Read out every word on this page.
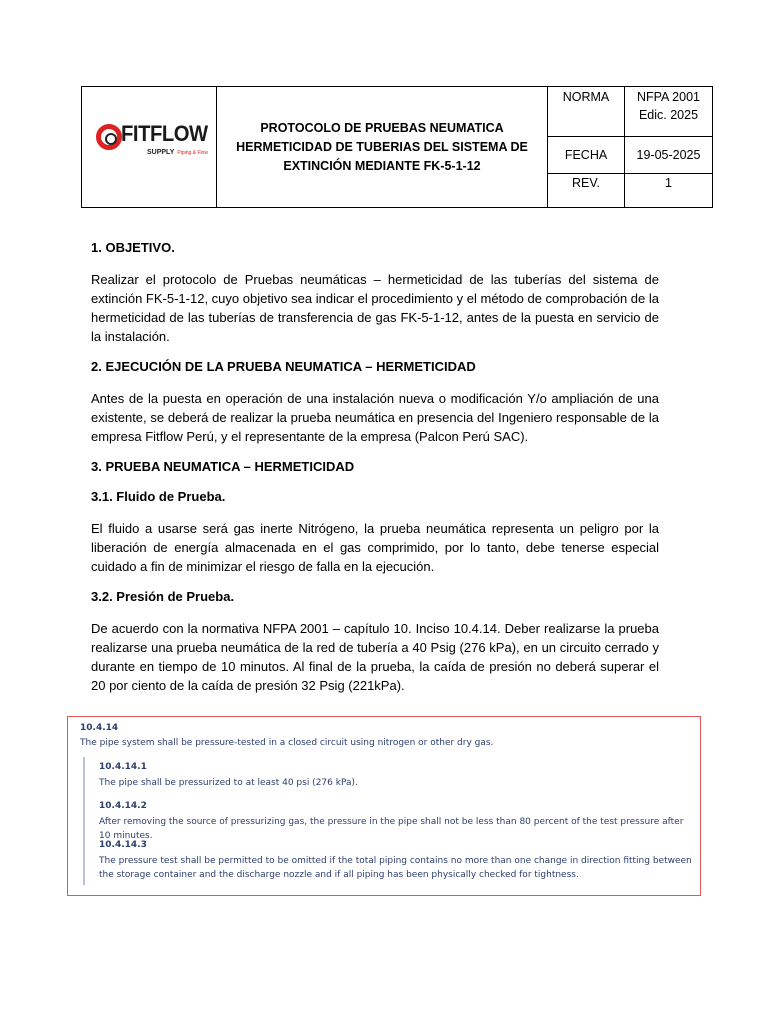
FITFLOW
SUPPLY Piping & Flow
PROTOCOLO DE PRUEBAS NEUMATICA HERMETICIDAD DE TUBERIAS DEL SISTEMA DE EXTINCIÓN MEDIANTE FK-5-1-12
NORMA	NFPA 2001
Edic. 2025
FECHA	19-05-2025
REV.	1
1. OBJETIVO.

Realizar el protocolo de Pruebas neumáticas – hermeticidad de las tuberías del sistema de extinción FK-5-1-12, cuyo objetivo sea indicar el procedimiento y el método de comprobación de la hermeticidad de las tuberías de transferencia de gas FK-5-1-12, antes de la puesta en servicio de la instalación.

2. EJECUCIÓN DE LA PRUEBA NEUMATICA – HERMETICIDAD

Antes de la puesta en operación de una instalación nueva o modificación Y/o ampliación de una existente, se deberá de realizar la prueba neumática en presencia del Ingeniero responsable de la empresa Fitflow Perú, y el representante de la empresa (Palcon Perú SAC).

3. PRUEBA NEUMATICA – HERMETICIDAD
3.1. Fluido de Prueba.

El fluido a usarse será gas inerte Nitrógeno, la prueba neumática representa un peligro por la liberación de energía almacenada en el gas comprimido, por lo tanto, debe tenerse especial cuidado a fin de minimizar el riesgo de falla en la ejecución.

3.2. Presión de Prueba.

De acuerdo con la normativa NFPA 2001 – capítulo 10. Inciso 10.4.14. Deber realizarse la prueba realizarse una prueba neumática de la red de tubería a 40 Psig (276 kPa), en un circuito cerrado y durante en tiempo de 10 minutos. Al final de la prueba, la caída de presión no deberá superar el 20 por ciento de la caída de presión 32 Psig (221kPa).

10.4.14
The pipe system shall be pressure-tested in a closed circuit using nitrogen or other dry gas.
10.4.14.1
The pipe shall be pressurized to at least 40 psi (276 kPa).
10.4.14.2
After removing the source of pressurizing gas, the pressure in the pipe shall not be less than 80 percent of the test pressure after 10 minutes.
10.4.14.3
The pressure test shall be permitted to be omitted if the total piping contains no more than one change in direction fitting between the storage container and the discharge nozzle and if all piping has been physically checked for tightness.
